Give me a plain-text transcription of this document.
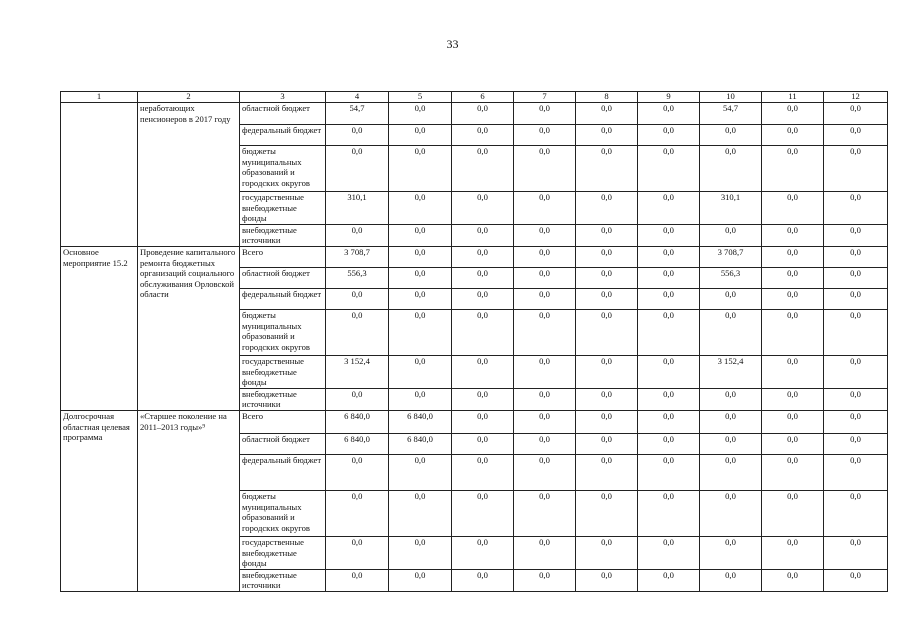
33
1	2	3	4	5	6	7	8	9	10	11	12
	неработающих пенсионеров в 2017 году	областной бюджет	54,7	0,0	0,0	0,0	0,0	0,0	54,7	0,0	0,0
		федеральный бюджет	0,0	0,0	0,0	0,0	0,0	0,0	0,0	0,0	0,0
		бюджеты муниципальных образований и городских округов	0,0	0,0	0,0	0,0	0,0	0,0	0,0	0,0	0,0
		государственные внебюджетные фонды	310,1	0,0	0,0	0,0	0,0	0,0	310,1	0,0	0,0
		внебюджетные источники	0,0	0,0	0,0	0,0	0,0	0,0	0,0	0,0	0,0
Основное мероприятие 15.2	Проведение капитального ремонта бюджетных организаций социального обслуживания Орловской области	Всего	3 708,7	0,0	0,0	0,0	0,0	0,0	3 708,7	0,0	0,0
		областной бюджет	556,3	0,0	0,0	0,0	0,0	0,0	556,3	0,0	0,0
		федеральный бюджет	0,0	0,0	0,0	0,0	0,0	0,0	0,0	0,0	0,0
		бюджеты муниципальных образований и городских округов	0,0	0,0	0,0	0,0	0,0	0,0	0,0	0,0	0,0
		государственные внебюджетные фонды	3 152,4	0,0	0,0	0,0	0,0	0,0	3 152,4	0,0	0,0
		внебюджетные источники	0,0	0,0	0,0	0,0	0,0	0,0	0,0	0,0	0,0
Долгосрочная областная целевая программа	«Старшее поколение на 2011–2013 годы»⁹	Всего	6 840,0	6 840,0	0,0	0,0	0,0	0,0	0,0	0,0	0,0
		областной бюджет	6 840,0	6 840,0	0,0	0,0	0,0	0,0	0,0	0,0	0,0
		федеральный бюджет	0,0	0,0	0,0	0,0	0,0	0,0	0,0	0,0	0,0
		бюджеты муниципальных образований и городских округов	0,0	0,0	0,0	0,0	0,0	0,0	0,0	0,0	0,0
		государственные внебюджетные фонды	0,0	0,0	0,0	0,0	0,0	0,0	0,0	0,0	0,0
		внебюджетные источники	0,0	0,0	0,0	0,0	0,0	0,0	0,0	0,0	0,0
